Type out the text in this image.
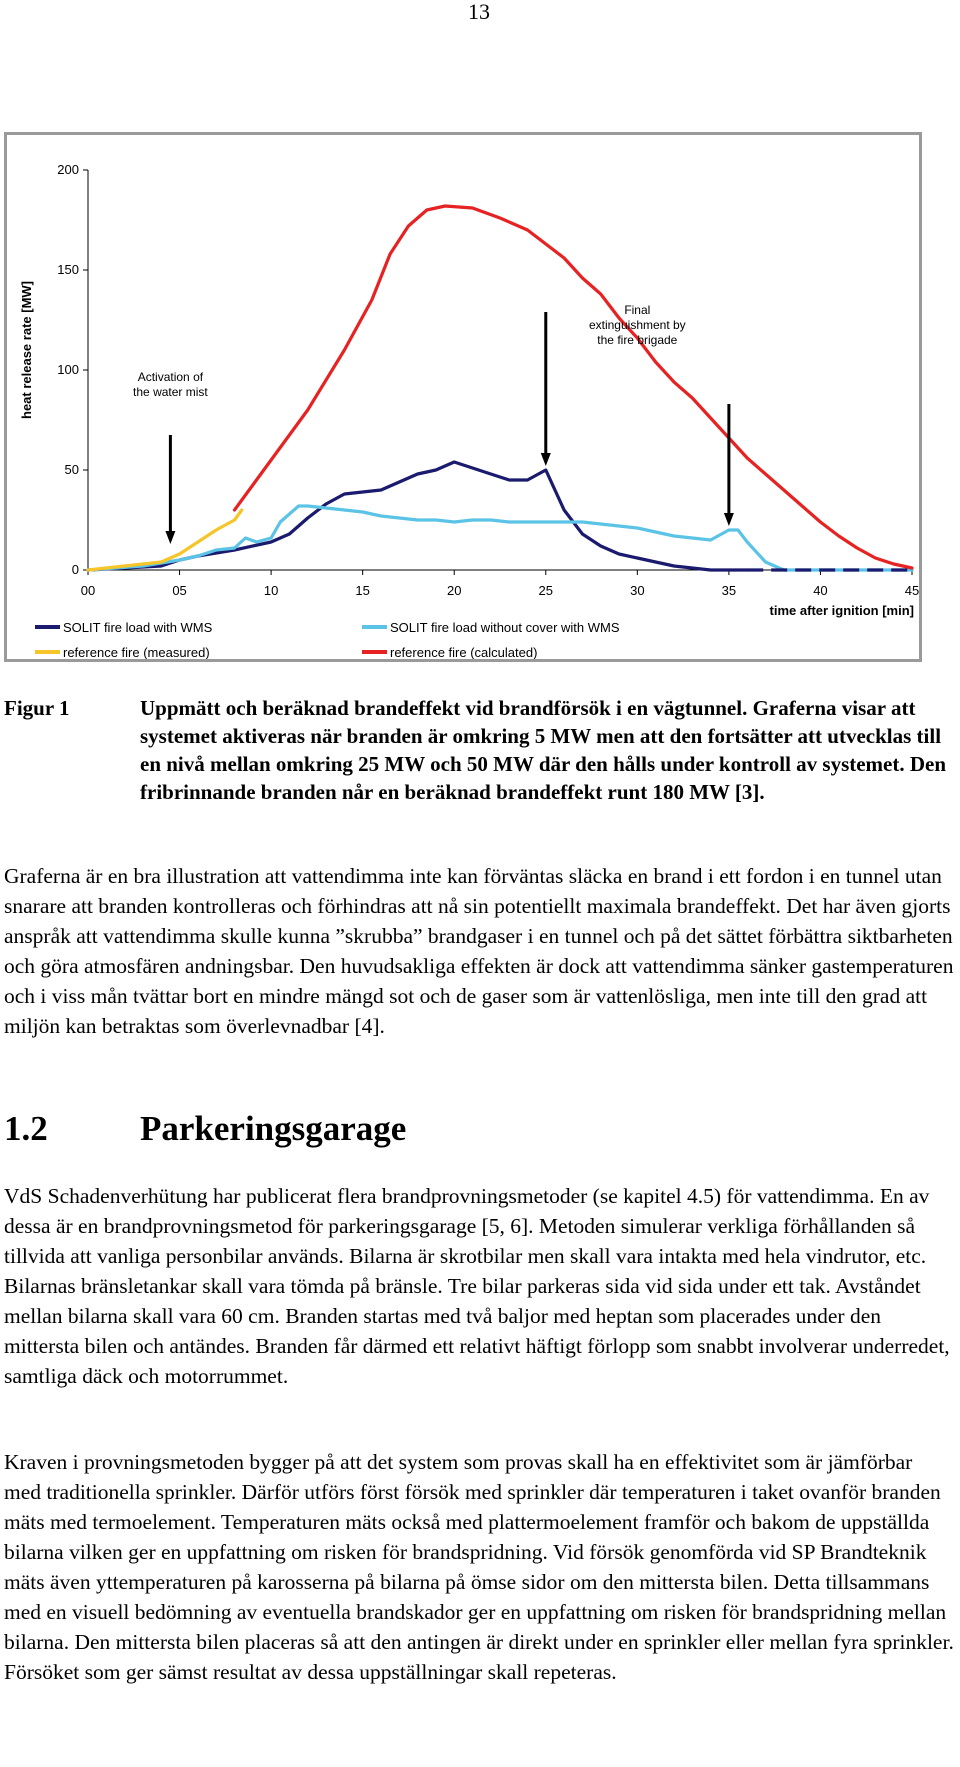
13
0
50
100
150
200
00	05	10	15	20	25	30	35	40	45
heat release rate [MW]
time after ignition [min]
Activation of
the water mist
Final
extinguishment by
the fire brigade
SOLIT fire load with WMS	SOLIT fire load without cover with WMS
reference fire (measured)	reference fire (calculated)
Figur 1	Uppmätt och beräknad brandeffekt vid brandförsök i en vägtunnel. Graferna visar att systemet aktiveras när branden är omkring 5 MW men att den fortsätter att utvecklas till en nivå mellan omkring 25 MW och 50 MW där den hålls under kontroll av systemet. Den fribrinnande branden når en beräknad brandeffekt runt 180 MW [3].

Graferna är en bra illustration att vattendimma inte kan förväntas släcka en brand i ett fordon i en tunnel utan snarare att branden kontrolleras och förhindras att nå sin potentiellt maximala brandeffekt. Det har även gjorts anspråk att vattendimma skulle kunna ”skrubba” brandgaser i en tunnel och på det sättet förbättra siktbarheten och göra atmosfären andningsbar. Den huvudsakliga effekten är dock att vattendimma sänker gastemperaturen och i viss mån tvättar bort en mindre mängd sot och de gaser som är vattenlösliga, men inte till den grad att miljön kan betraktas som överlevnadbar [4].

1.2	Parkeringsgarage

VdS Schadenverhütung har publicerat flera brandprovningsmetoder (se kapitel 4.5) för vattendimma. En av dessa är en brandprovningsmetod för parkeringsgarage [5, 6]. Metoden simulerar verkliga förhållanden så tillvida att vanliga personbilar används. Bilarna är skrotbilar men skall vara intakta med hela vindrutor, etc. Bilarnas bränsletankar skall vara tömda på bränsle. Tre bilar parkeras sida vid sida under ett tak. Avståndet mellan bilarna skall vara 60 cm. Branden startas med två baljor med heptan som placerades under den mittersta bilen och antändes. Branden får därmed ett relativt häftigt förlopp som snabbt involverar underredet, samtliga däck och motorrummet.

Kraven i provningsmetoden bygger på att det system som provas skall ha en effektivitet som är jämförbar med traditionella sprinkler. Därför utförs först försök med sprinkler där temperaturen i taket ovanför branden mäts med termoelement. Temperaturen mäts också med plattermoelement framför och bakom de uppställda bilarna vilken ger en uppfattning om risken för brandspridning. Vid försök genomförda vid SP Brandteknik mäts även yttemperaturen på karosserna på bilarna på ömse sidor om den mittersta bilen. Detta tillsammans med en visuell bedömning av eventuella brandskador ger en uppfattning om risken för brandspridning mellan bilarna. Den mittersta bilen placeras så att den antingen är direkt under en sprinkler eller mellan fyra sprinkler. Försöket som ger sämst resultat av dessa uppställningar skall repeteras.
